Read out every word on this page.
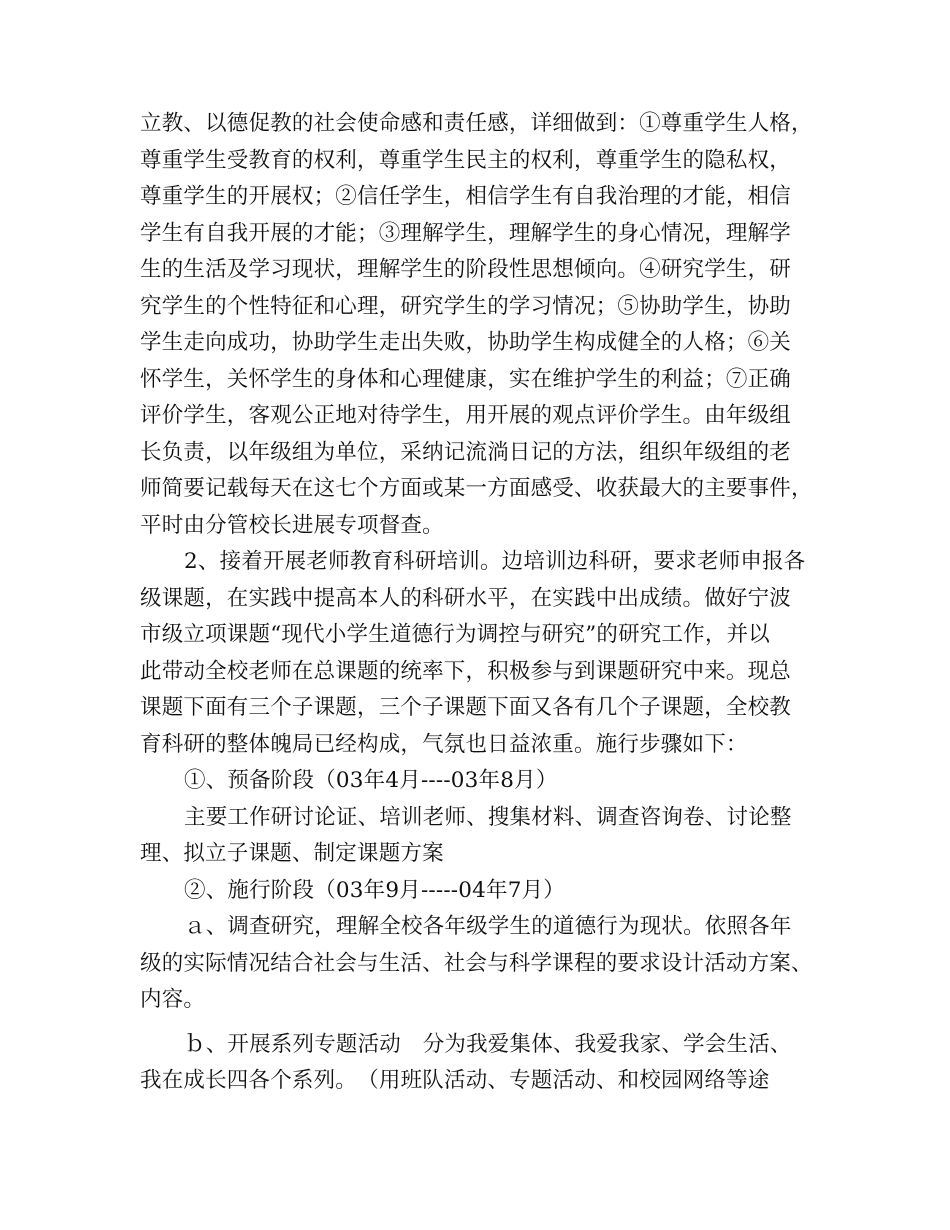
立教、以德促教的社会使命感和责任感，详细做到：①尊重学生人格，
尊重学生受教育的权利，尊重学生民主的权利，尊重学生的隐私权，
尊重学生的开展权；②信任学生，相信学生有自我治理的才能，相信
学生有自我开展的才能；③理解学生，理解学生的身心情况，理解学
生的生活及学习现状，理解学生的阶段性思想倾向。④研究学生，研
究学生的个性特征和心理，研究学生的学习情况；⑤协助学生，协助
学生走向成功，协助学生走出失败，协助学生构成健全的人格；⑥关
怀学生，关怀学生的身体和心理健康，实在维护学生的利益；⑦正确
评价学生，客观公正地对待学生，用开展的观点评价学生。由年级组
长负责，以年级组为单位，采纳记流淌日记的方法，组织年级组的老
师简要记载每天在这七个方面或某一方面感受、收获最大的主要事件，
平时由分管校长进展专项督查。
2、接着开展老师教育科研培训。边培训边科研，要求老师申报各
级课题，在实践中提高本人的科研水平，在实践中出成绩。做好宁波
市级立项课题“现代小学生道德行为调控与研究”的研究工作，并以
此带动全校老师在总课题的统率下，积极参与到课题研究中来。现总
课题下面有三个子课题，三个子课题下面又各有几个子课题，全校教
育科研的整体魄局已经构成，气氛也日益浓重。施行步骤如下：
①、预备阶段（03年4月----03年8月）
主要工作研讨论证、培训老师、搜集材料、调查咨询卷、讨论整
理、拟立子课题、制定课题方案
②、施行阶段（03年9月-----04年7月）
ａ、调查研究，理解全校各年级学生的道德行为现状。依照各年
级的实际情况结合社会与生活、社会与科学课程的要求设计活动方案、
内容。
ｂ、开展系列专题活动　分为我爱集体、我爱我家、学会生活、
我在成长四各个系列。　（用班队活动、专题活动、和校园网络等途
